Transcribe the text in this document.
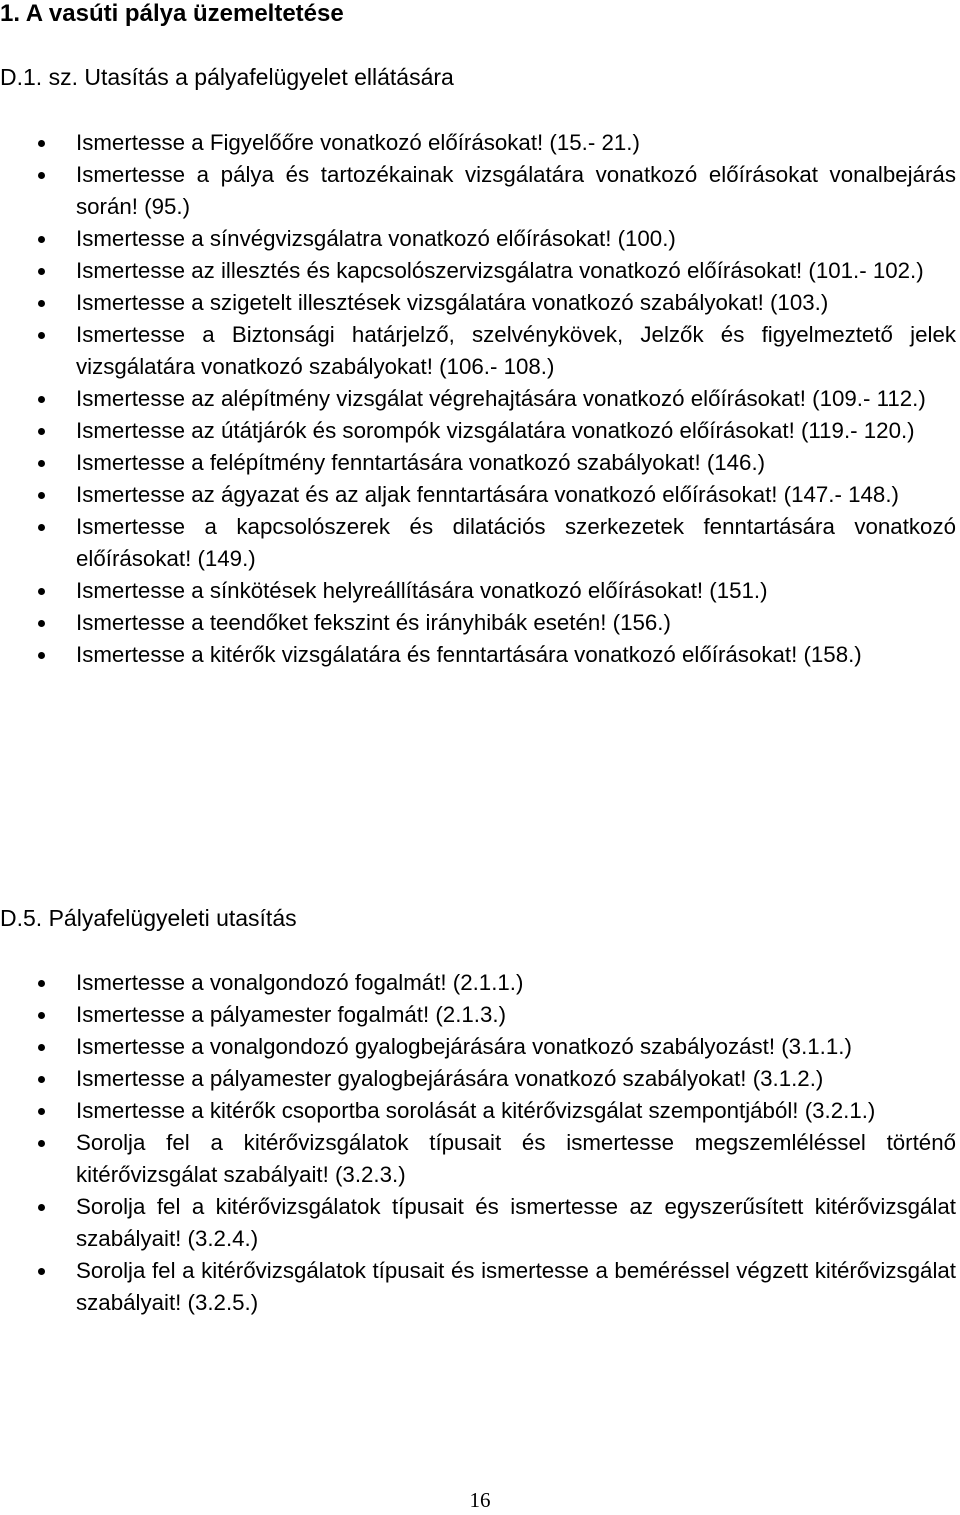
1. A vasúti pálya üzemeltetése
D.1. sz. Utasítás a pályafelügyelet ellátására
Ismertesse a Figyelőőre vonatkozó előírásokat! (15.- 21.)
Ismertesse a pálya és tartozékainak vizsgálatára vonatkozó előírásokat vonalbejárás során! (95.)
Ismertesse a sínvégvizsgálatra vonatkozó előírásokat! (100.)
Ismertesse az illesztés és kapcsolószervizsgálatra vonatkozó előírásokat! (101.- 102.)
Ismertesse a szigetelt illesztések vizsgálatára vonatkozó szabályokat! (103.)
Ismertesse a Biztonsági határjelző, szelvénykövek, Jelzők és figyelmeztető jelek vizsgálatára vonatkozó szabályokat! (106.- 108.)
Ismertesse az alépítmény vizsgálat végrehajtására vonatkozó előírásokat! (109.- 112.)
Ismertesse az útátjárók és sorompók vizsgálatára vonatkozó előírásokat! (119.- 120.)
Ismertesse a felépítmény fenntartására vonatkozó szabályokat! (146.)
Ismertesse az ágyazat és az aljak fenntartására vonatkozó előírásokat! (147.- 148.)
Ismertesse a kapcsolószerek és dilatációs szerkezetek fenntartására vonatkozó előírásokat! (149.)
Ismertesse a sínkötések helyreállítására vonatkozó előírásokat! (151.)
Ismertesse a teendőket fekszint és irányhibák esetén! (156.)
Ismertesse a kitérők vizsgálatára és fenntartására vonatkozó előírásokat! (158.)
D.5. Pályafelügyeleti utasítás
Ismertesse a vonalgondozó fogalmát! (2.1.1.)
Ismertesse a pályamester fogalmát! (2.1.3.)
Ismertesse a vonalgondozó gyalogbejárására vonatkozó szabályozást! (3.1.1.)
Ismertesse a pályamester gyalogbejárására vonatkozó szabályokat! (3.1.2.)
Ismertesse a kitérők csoportba sorolását a kitérővizsgálat szempontjából! (3.2.1.)
Sorolja fel a kitérővizsgálatok típusait és ismertesse megszemléléssel történő kitérővizsgálat szabályait! (3.2.3.)
Sorolja fel a kitérővizsgálatok típusait és ismertesse az egyszerűsített kitérővizsgálat szabályait! (3.2.4.)
Sorolja fel a kitérővizsgálatok típusait és ismertesse a beméréssel végzett kitérővizsgálat szabályait! (3.2.5.)
16
